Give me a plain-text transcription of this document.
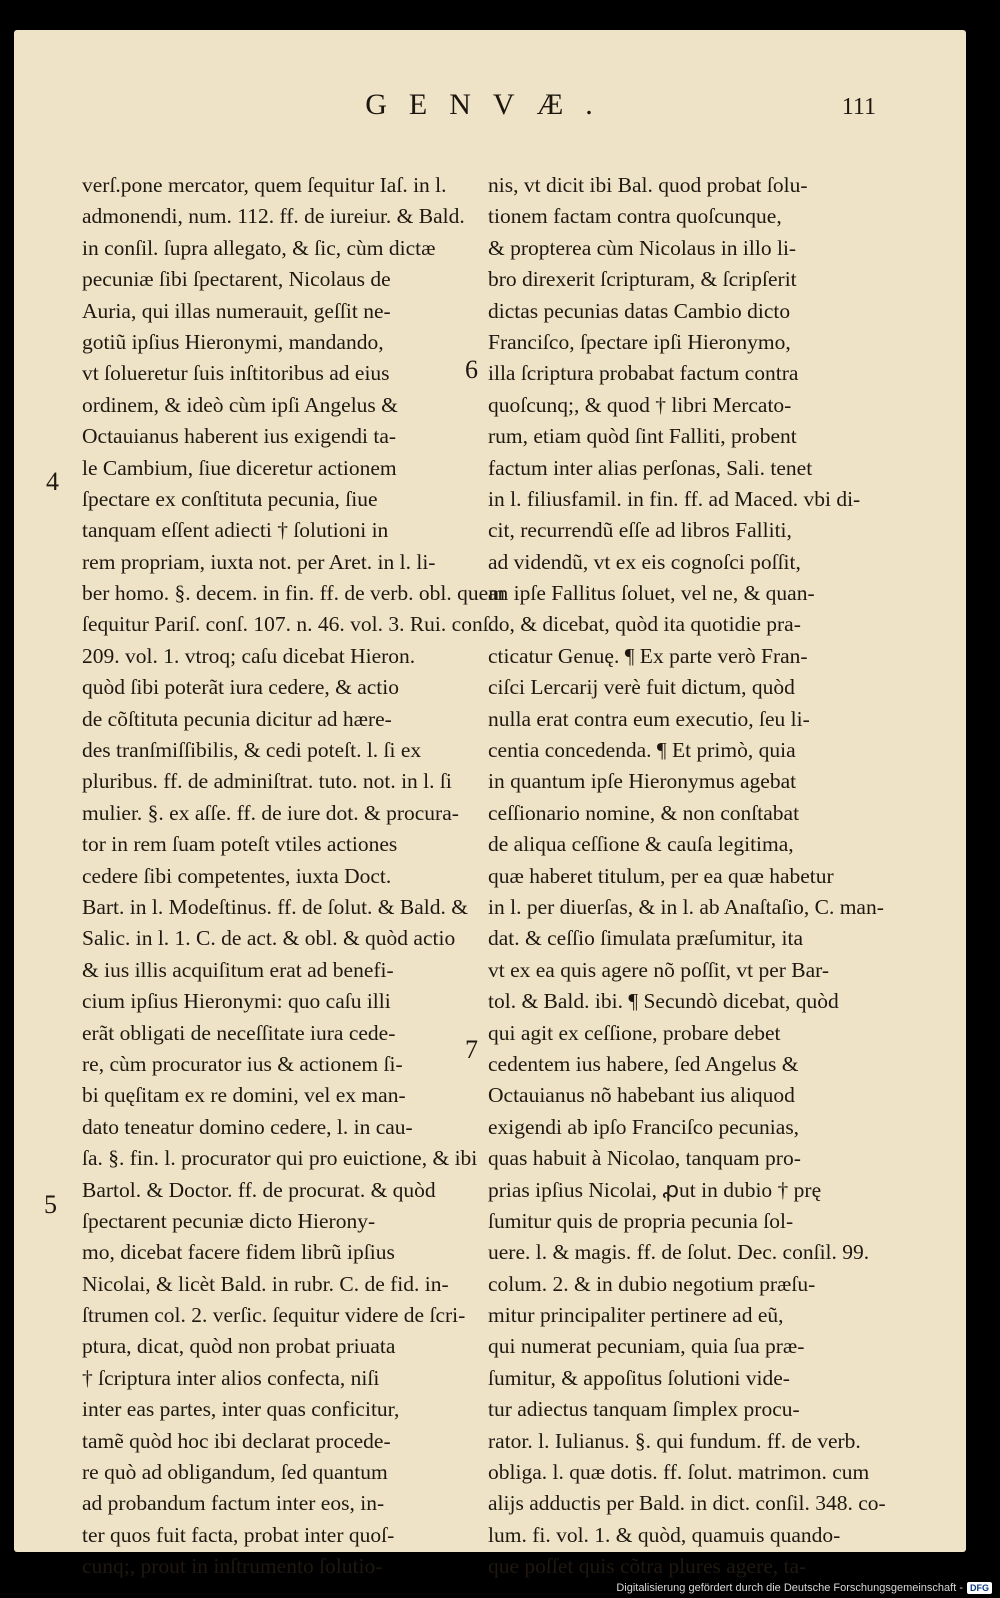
GENVÆ.	111
4
5
6
7
verſ.pone mercator, quem ſequitur Iaſ. in l.
admonendi, num. 112. ff. de iureiur. & Bald.
in conſil. ſupra allegato, & ſic, cùm dictæ
pecuniæ ſibi ſpectarent, Nicolaus de
Auria, qui illas numerauit, geſſit ne-
gotiũ ipſius Hieronymi, mandando,
vt ſolueretur ſuis inſtitoribus ad eius
ordinem, & ideò cùm ipſi Angelus &
Octauianus haberent ius exigendi ta-
le Cambium, ſiue diceretur actionem
ſpectare ex conſtituta pecunia, ſiue
tanquam eſſent adiecti † ſolutioni in
rem propriam, iuxta not. per Aret. in l. li-
ber homo. §. decem. in fin. ff. de verb. obl. quem
ſequitur Pariſ. conſ. 107. n. 46. vol. 3. Rui. conſ.
209. vol. 1. vtroq; caſu dicebat Hieron.
quòd ſibi poterãt iura cedere, & actio
de cõſtituta pecunia dicitur ad hære-
des tranſmiſſibilis, & cedi poteſt. l. ſi ex
pluribus. ff. de adminiſtrat. tuto. not. in l. ſi
mulier. §. ex aſſe. ff. de iure dot. & procura-
tor in rem ſuam poteſt vtiles actiones
cedere ſibi competentes, iuxta Doct.
Bart. in l. Modeſtinus. ff. de ſolut. & Bald. &
Salic. in l. 1. C. de act. & obl. & quòd actio
& ius illis acquiſitum erat ad benefi-
cium ipſius Hieronymi: quo caſu illi
erãt obligati de neceſſitate iura cede-
re, cùm procurator ius & actionem ſi-
bi quęſitam ex re domini, vel ex man-
dato teneatur domino cedere, l. in cau-
ſa. §. fin. l. procurator qui pro euictione, & ibi
Bartol. & Doctor. ff. de procurat. & quòd
ſpectarent pecuniæ dicto Hierony-
mo, dicebat facere fidem librũ ipſius
Nicolai, & licèt Bald. in rubr. C. de fid. in-
ſtrumen col. 2. verſic. ſequitur videre de ſcri-
ptura, dicat, quòd non probat priuata
† ſcriptura inter alios confecta, niſi
inter eas partes, inter quas conficitur,
tamẽ quòd hoc ibi declarat procede-
re quò ad obligandum, ſed quantum
ad probandum factum inter eos, in-
ter quos fuit facta, probat inter quoſ-
cunq;, prout in inſtrumento ſolutio-
nis, vt dicit ibi Bal. quod probat ſolu-
tionem factam contra quoſcunque,
& propterea cùm Nicolaus in illo li-
bro direxerit ſcripturam, & ſcripſerit
dictas pecunias datas Cambio dicto
Franciſco, ſpectare ipſi Hieronymo,
illa ſcriptura probabat factum contra
quoſcunq;, & quod † libri Mercato-
rum, etiam quòd ſint Falliti, probent
factum inter alias perſonas, Sali. tenet
in l. filiusfamil. in fin. ff. ad Maced. vbi di-
cit, recurrendũ eſſe ad libros Falliti,
ad videndũ, vt ex eis cognoſci poſſit,
an ipſe Fallitus ſoluet, vel ne, & quan-
do, & dicebat, quòd ita quotidie pra-
cticatur Genuę. ¶ Ex parte verò Fran-
ciſci Lercarij verè fuit dictum, quòd
nulla erat contra eum executio, ſeu li-
centia concedenda. ¶ Et primò, quia
in quantum ipſe Hieronymus agebat
ceſſionario nomine, & non conſtabat
de aliqua ceſſione & cauſa legitima,
quæ haberet titulum, per ea quæ habetur
in l. per diuerſas, & in l. ab Anaſtaſio, C. man-
dat. & ceſſio ſimulata præſumitur, ita
vt ex ea quis agere nõ poſſit, vt per Bar-
tol. & Bald. ibi. ¶ Secundò dicebat, quòd
qui agit ex ceſſione, probare debet
cedentem ius habere, ſed Angelus &
Octauianus nõ habebant ius aliquod
exigendi ab ipſo Franciſco pecunias,
quas habuit à Nicolao, tanquam pro-
prias ipſius Nicolai, ꝓut in dubio † prę
ſumitur quis de propria pecunia ſol-
uere. l. & magis. ff. de ſolut. Dec. conſil. 99.
colum. 2. & in dubio negotium præſu-
mitur principaliter pertinere ad eũ,
qui numerat pecuniam, quia ſua præ-
ſumitur, & appoſitus ſolutioni vide-
tur adiectus tanquam ſimplex procu-
rator. l. Iulianus. §. qui fundum. ff. de verb.
obliga. l. quæ dotis. ff. ſolut. matrimon. cum
alijs adductis per Bald. in dict. conſil. 348. co-
lum. fi. vol. 1. & quòd, quamuis quando-
que poſſet quis cõtra plures agere, ta-
Digitalisierung gefördert durch die Deutsche Forschungsgemeinschaft - DFG
